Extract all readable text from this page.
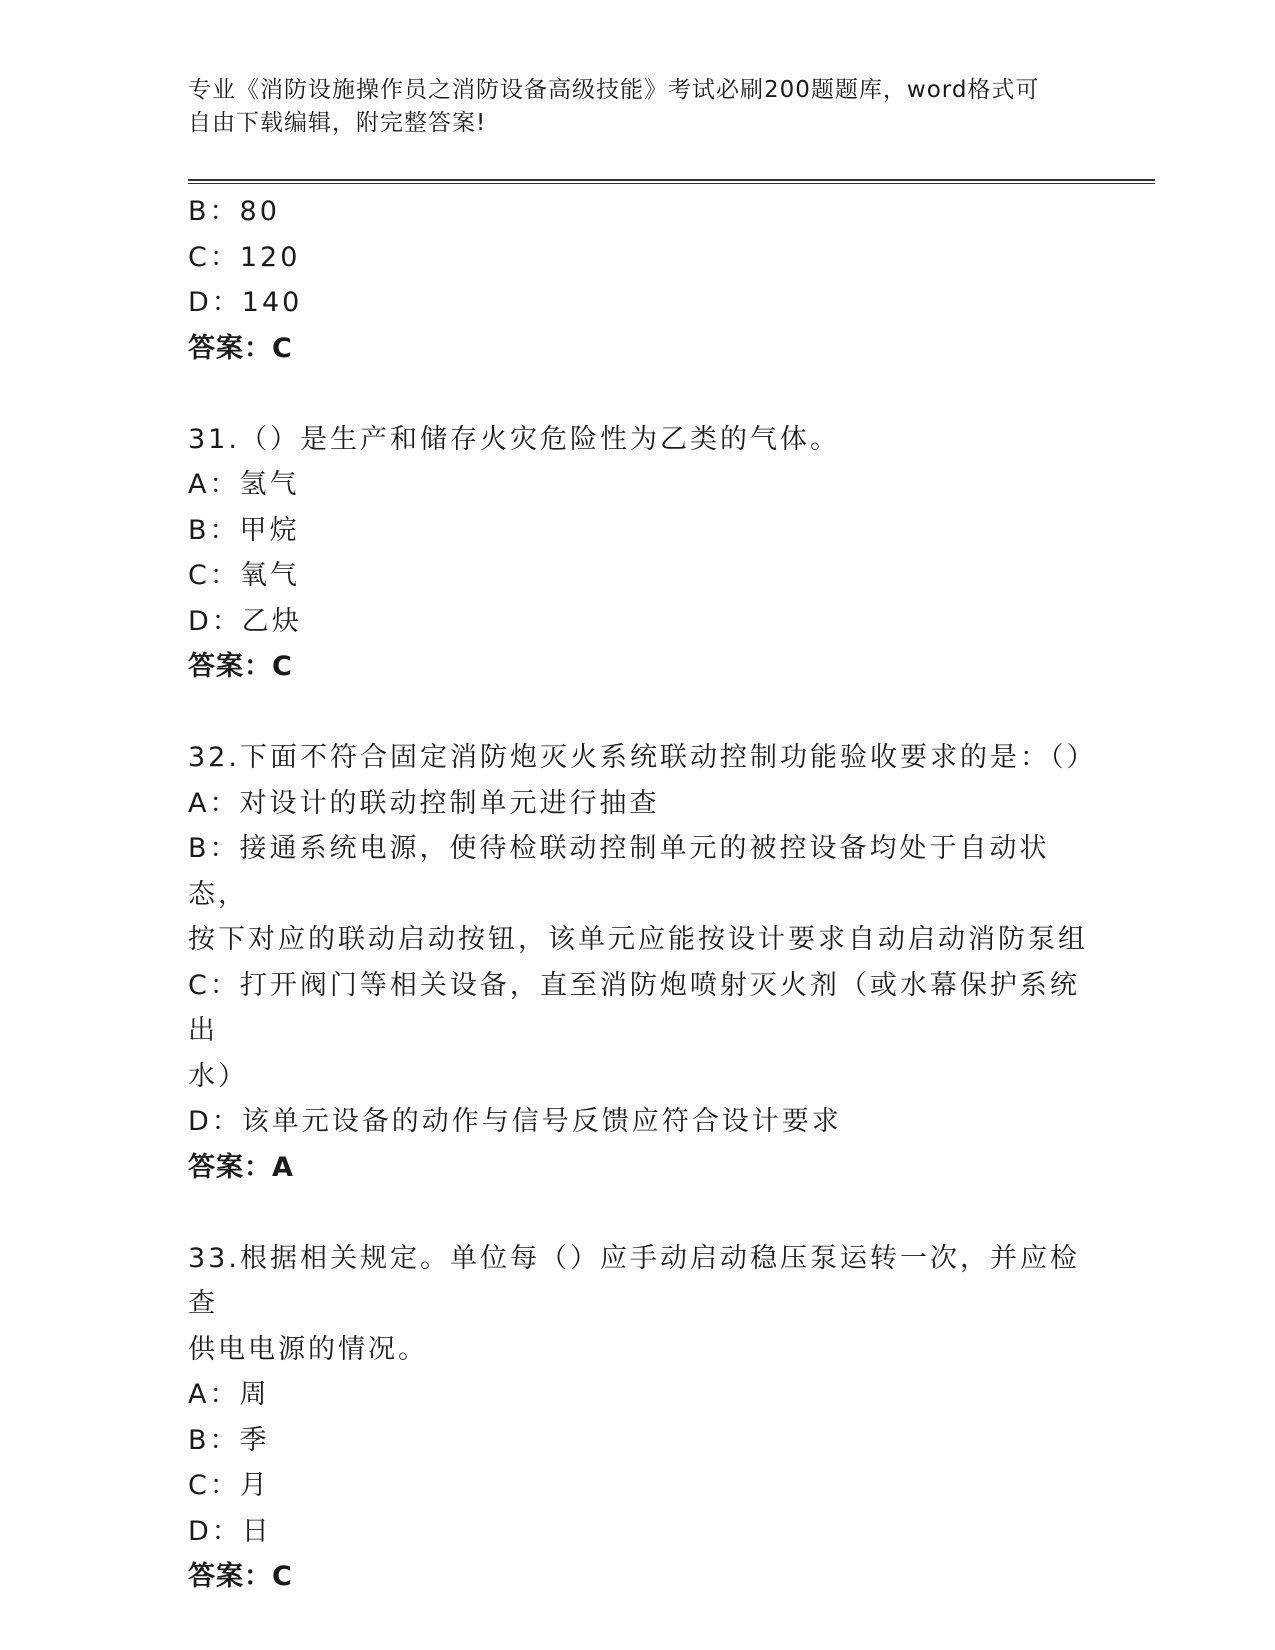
专业《消防设施操作员之消防设备高级技能》考试必刷200题题库，word格式可
自由下载编辑，附完整答案!
B：80
C：120
D：140
答案：C
31.（）是生产和储存火灾危险性为乙类的气体。
A：氢气
B：甲烷
C：氧气
D：乙炔
答案：C
32.下面不符合固定消防炮灭火系统联动控制功能验收要求的是：（）
A：对设计的联动控制单元进行抽查
B：接通系统电源，使待检联动控制单元的被控设备均处于自动状态，
按下对应的联动启动按钮，该单元应能按设计要求自动启动消防泵组
C：打开阀门等相关设备，直至消防炮喷射灭火剂（或水幕保护系统出
水）
D：该单元设备的动作与信号反馈应符合设计要求
答案：A
33.根据相关规定。单位每（）应手动启动稳压泵运转一次，并应检查
供电电源的情况。
A：周
B：季
C：月
D：日
答案：C
